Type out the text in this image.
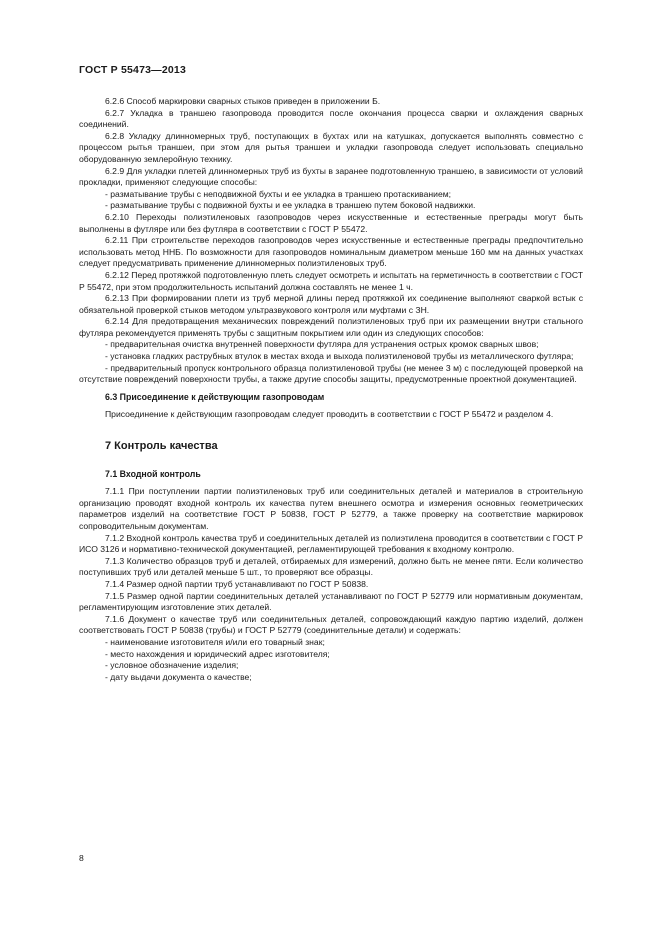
ГОСТ Р 55473—2013

6.2.6 Способ маркировки сварных стыков приведен в приложении Б.

6.2.7 Укладка в траншею газопровода проводится после окончания процесса сварки и охлаждения сварных соединений.

6.2.8 Укладку длинномерных труб, поступающих в бухтах или на катушках, допускается выполнять совместно с процессом рытья траншеи, при этом для рытья траншеи и укладки газопровода следует использовать специально оборудованную землеройную технику.

6.2.9 Для укладки плетей длинномерных труб из бухты в заранее подготовленную траншею, в зависимости от условий прокладки, применяют следующие способы:

- разматывание трубы с неподвижной бухты и ее укладка в траншею протаскиванием;

- разматывание трубы с подвижной бухты и ее укладка в траншею путем боковой надвижки.

6.2.10 Переходы полиэтиленовых газопроводов через искусственные и естественные преграды могут быть выполнены в футляре или без футляра в соответствии с ГОСТ Р 55472.

6.2.11 При строительстве переходов газопроводов через искусственные и естественные преграды предпочтительно использовать метод ННБ. По возможности для газопроводов номинальным диаметром меньше 160 мм на данных участках следует предусматривать применение длинномерных полиэтиленовых труб.

6.2.12 Перед протяжкой подготовленную плеть следует осмотреть и испытать на герметичность в соответствии с ГОСТ Р 55472, при этом продолжительность испытаний должна составлять не менее 1 ч.

6.2.13 При формировании плети из труб мерной длины перед протяжкой их соединение выполняют сваркой встык с обязательной проверкой стыков методом ультразвукового контроля или муфтами с ЗН.

6.2.14 Для предотвращения механических повреждений полиэтиленовых труб при их размещении внутри стального футляра рекомендуется применять трубы с защитным покрытием или один из следующих способов:

- предварительная очистка внутренней поверхности футляра для устранения острых кромок сварных швов;

- установка гладких раструбных втулок в местах входа и выхода полиэтиленовой трубы из металлического футляра;

- предварительный пропуск контрольного образца полиэтиленовой трубы (не менее 3 м) с последующей проверкой на отсутствие повреждений поверхности трубы, а также другие способы защиты, предусмотренные проектной документацией.

6.3 Присоединение к действующим газопроводам

Присоединение к действующим газопроводам следует проводить в соответствии с ГОСТ Р 55472 и разделом 4.

7 Контроль качества
7.1 Входной контроль

7.1.1 При поступлении партии полиэтиленовых труб или соединительных деталей и материалов в строительную организацию проводят входной контроль их качества путем внешнего осмотра и измерения основных геометрических параметров изделий на соответствие ГОСТ Р 50838, ГОСТ Р 52779, а также проверку на соответствие маркировок сопроводительным документам.

7.1.2 Входной контроль качества труб и соединительных деталей из полиэтилена проводится в соответствии с ГОСТ Р ИСО 3126 и нормативно-технической документацией, регламентирующей требования к входному контролю.

7.1.3 Количество образцов труб и деталей, отбираемых для измерений, должно быть не менее пяти. Если количество поступивших труб или деталей меньше 5 шт., то проверяют все образцы.

7.1.4 Размер одной партии труб устанавливают по ГОСТ Р 50838.

7.1.5 Размер одной партии соединительных деталей устанавливают по ГОСТ Р 52779 или нормативным документам, регламентирующим изготовление этих деталей.

7.1.6 Документ о качестве труб или соединительных деталей, сопровождающий каждую партию изделий, должен соответствовать ГОСТ Р 50838 (трубы) и ГОСТ Р 52779 (соединительные детали) и содержать:

- наименование изготовителя и/или его товарный знак;

- место нахождения и юридический адрес изготовителя;

- условное обозначение изделия;

- дату выдачи документа о качестве;

8
